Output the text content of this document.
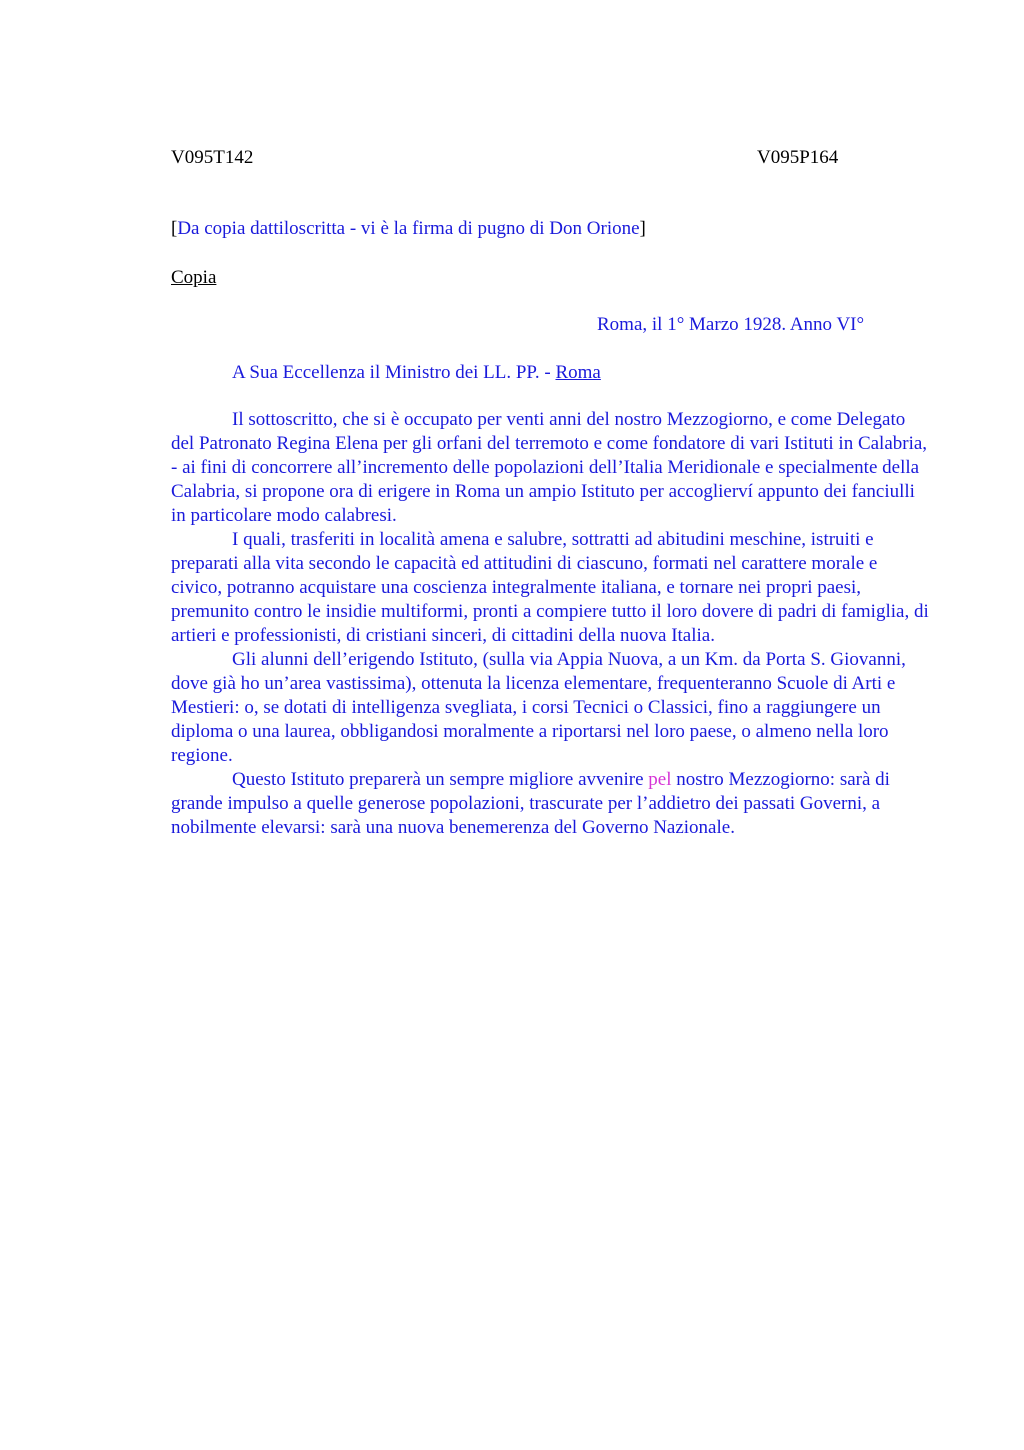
V095T142	V095P164
[Da copia dattiloscritta - vi è la firma di pugno di Don Orione]
Copia
Roma, il 1° Marzo 1928. Anno VI°
A Sua Eccellenza il Ministro dei LL. PP. - Roma

Il sottoscritto, che si è occupato per venti anni del nostro Mezzogiorno, e come Delegato del Patronato Regina Elena per gli orfani del terremoto e come fondatore di vari Istituti in Calabria, - ai fini di concorrere all’incremento delle popolazioni dell’Italia Meridionale e specialmente della Calabria, si propone ora di erigere in Roma un ampio Istituto per accoglierví appunto dei fanciulli in particolare modo calabresi.

I quali, trasferiti in località amena e salubre, sottratti ad abitudini meschine, istruiti e preparati alla vita secondo le capacità ed attitudini di ciascuno, formati nel carattere morale e civico, potranno acquistare una coscienza integralmente italiana, e tornare nei propri paesi, premunito contro le insidie multiformi, pronti a compiere tutto il loro dovere di padri di famiglia, di artieri e professionisti, di cristiani sinceri, di cittadini della nuova Italia.

Gli alunni dell’erigendo Istituto, (sulla via Appia Nuova, a un Km. da Porta S. Giovanni, dove già ho un’area vastissima), ottenuta la licenza elementare, frequenteranno Scuole di Arti e Mestieri: o, se dotati di intelligenza svegliata, i corsi Tecnici o Classici, fino a raggiungere un diploma o una laurea, obbligandosi moralmente a riportarsi nel loro paese, o almeno nella loro regione.

Questo Istituto preparerà un sempre migliore avvenire pel nostro Mezzogiorno: sarà di grande impulso a quelle generose popolazioni, trascurate per l’addietro dei passati Governi, a nobilmente elevarsi: sarà una nuova benemerenza del Governo Nazionale.
